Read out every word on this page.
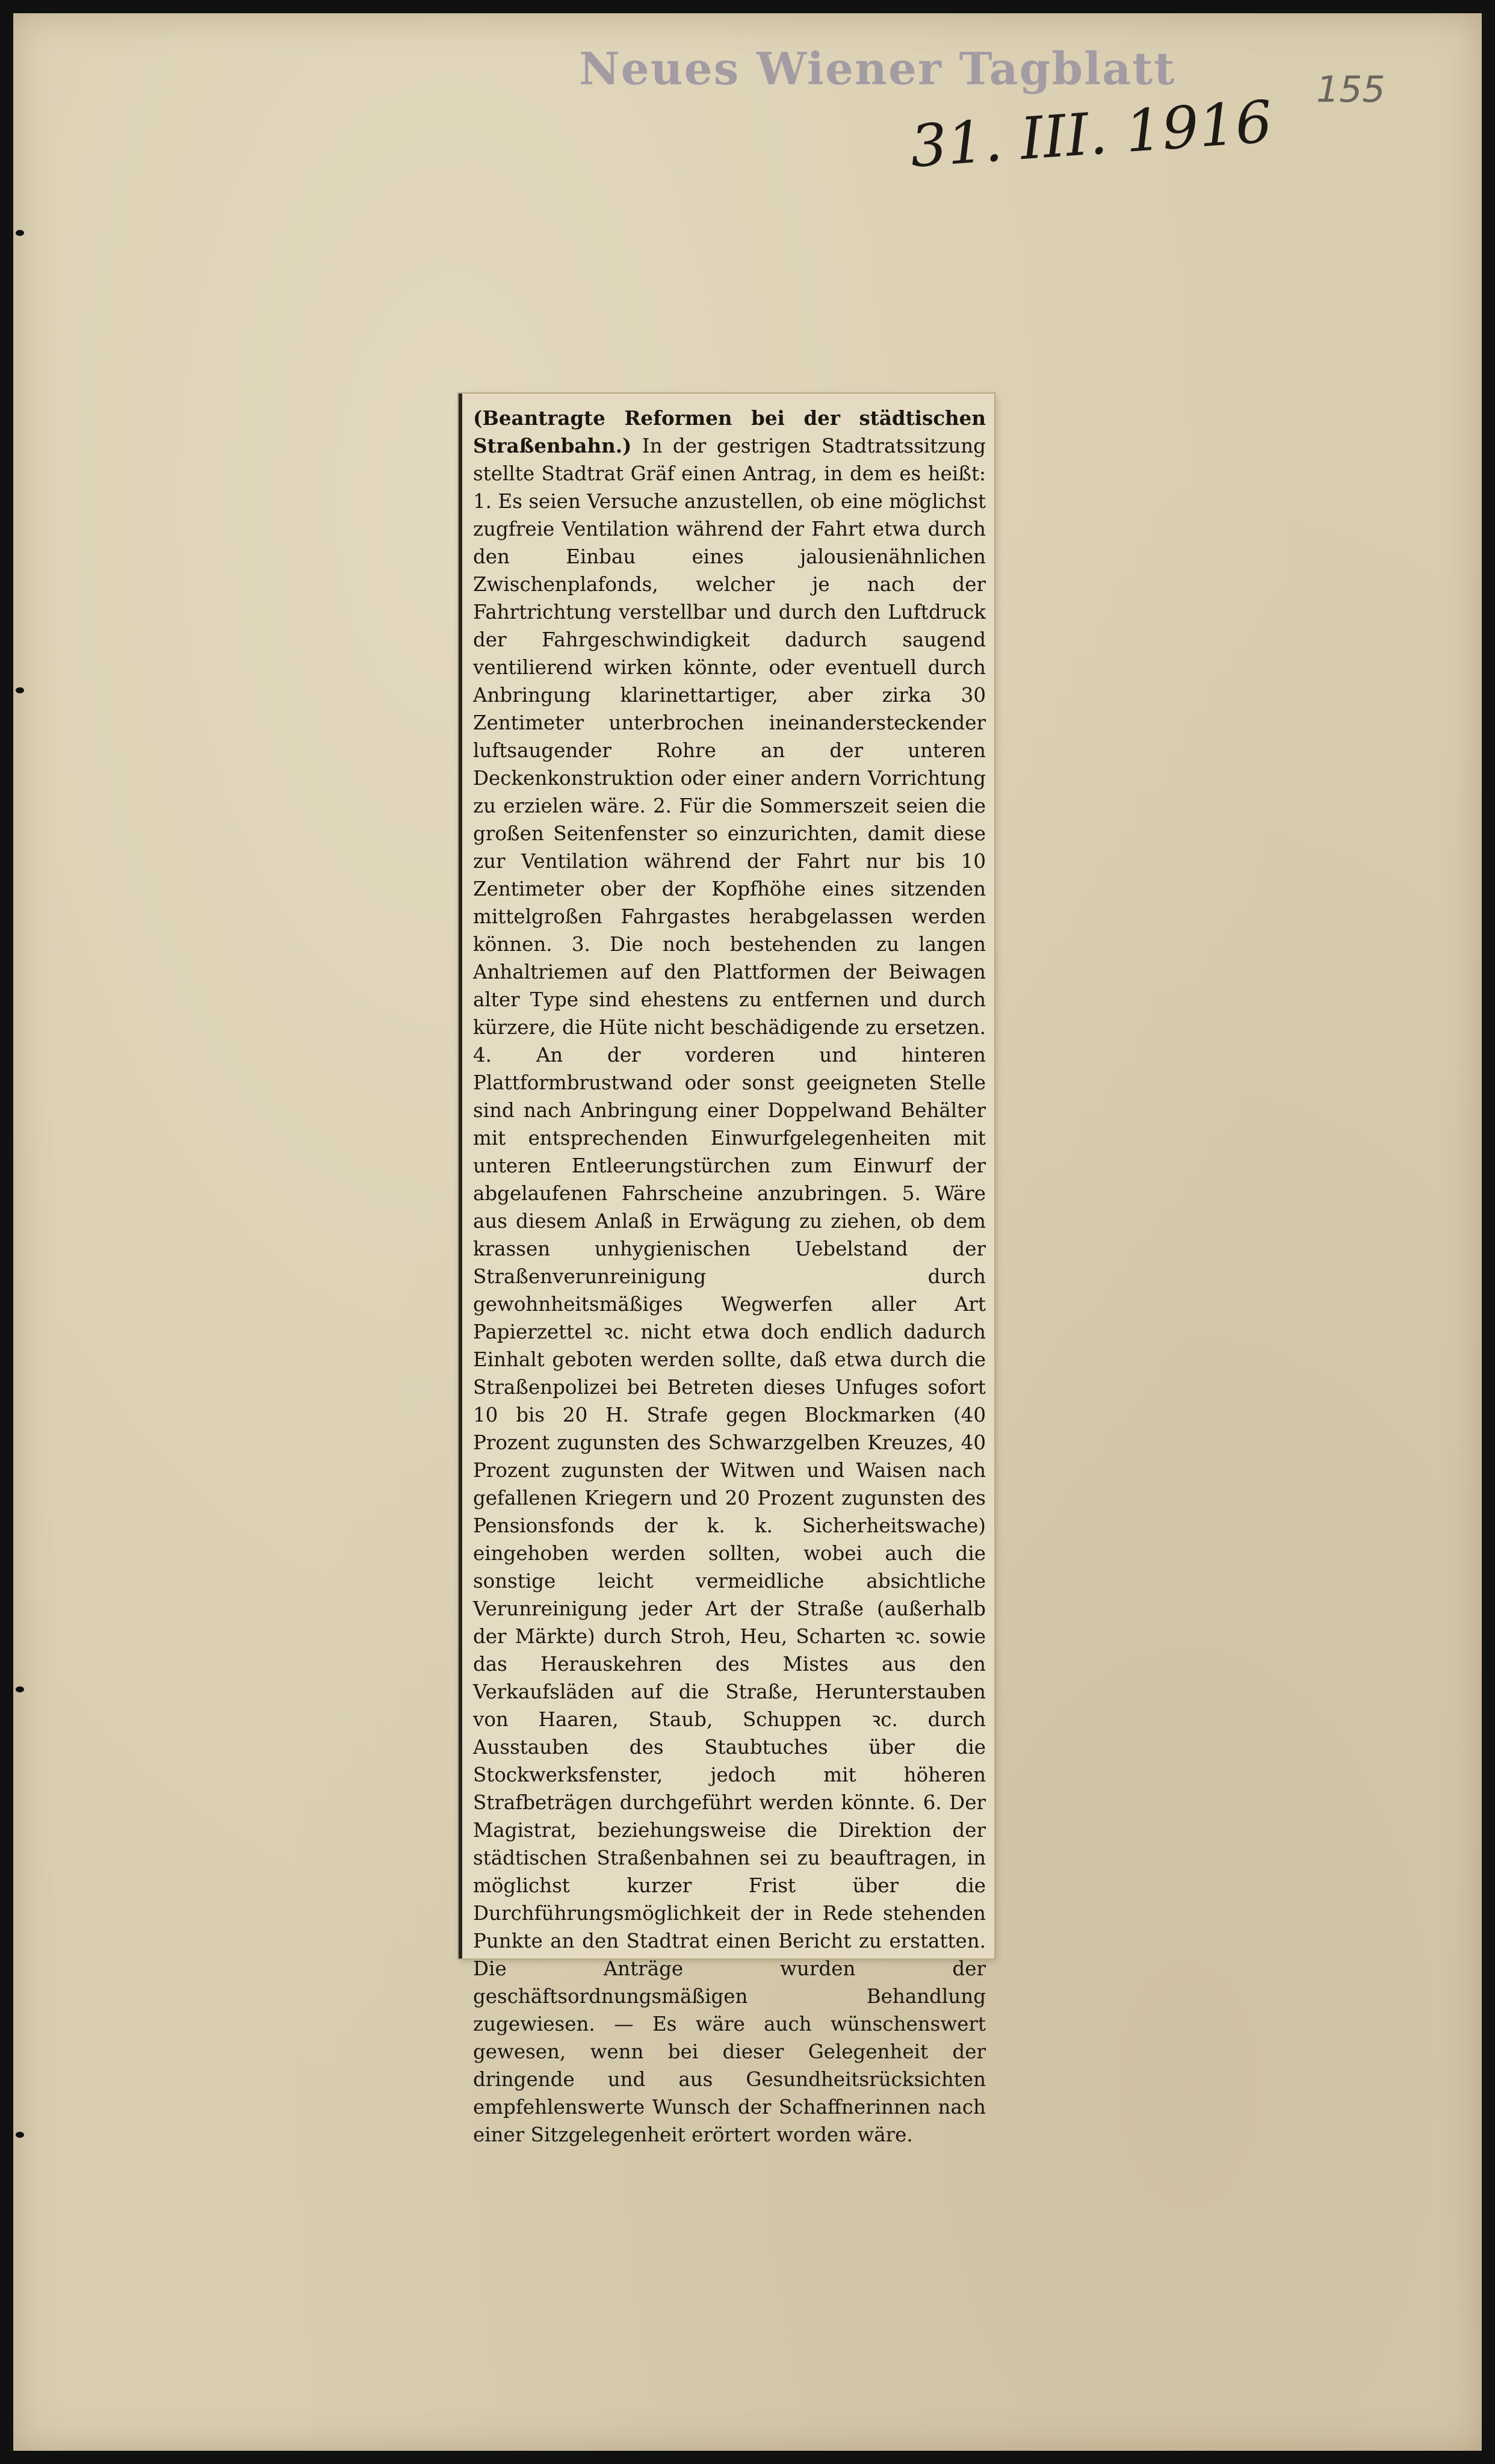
Neues Wiener Tagblatt
31. III. 1916 155
(Beantragte Reformen bei der städtischen Straßenbahn.) In der gestrigen Stadtratssitzung stellte Stadtrat Gräf einen Antrag, in dem es heißt: 1. Es seien Versuche anzustellen, ob eine möglichst zugfreie Ventilation während der Fahrt etwa durch den Einbau eines jalousienähnlichen Zwischenplafonds, welcher je nach der Fahrtrichtung verstellbar und durch den Luftdruck der Fahrgeschwindigkeit dadurch saugend ventilierend wirken könnte, oder eventuell durch Anbringung klarinettartiger, aber zirka 30 Zentimeter unterbrochen ineinandersteckender luftsaugender Rohre an der unteren Deckenkonstruktion oder einer andern Vorrichtung zu erzielen wäre. 2. Für die Sommerszeit seien die großen Seitenfenster so einzurichten, damit diese zur Ventilation während der Fahrt nur bis 10 Zentimeter ober der Kopfhöhe eines sitzenden mittelgroßen Fahrgastes herabgelassen werden können. 3. Die noch bestehenden zu langen Anhaltriemen auf den Plattformen der Beiwagen alter Type sind ehestens zu entfernen und durch kürzere, die Hüte nicht beschädigende zu ersetzen. 4. An der vorderen und hinteren Plattformbrustwand oder sonst geeigneten Stelle sind nach Anbringung einer Doppelwand Behälter mit entsprechenden Einwurfgelegenheiten mit unteren Entleerungstürchen zum Einwurf der abgelaufenen Fahrscheine anzubringen. 5. Wäre aus diesem Anlaß in Erwägung zu ziehen, ob dem krassen unhygienischen Uebelstand der Straßenverunreinigung durch gewohnheitsmäßiges Wegwerfen aller Art Papierzettel ꝛc. nicht etwa doch endlich dadurch Einhalt geboten werden sollte, daß etwa durch die Straßenpolizei bei Betreten dieses Unfuges sofort 10 bis 20 H. Strafe gegen Blockmarken (40 Prozent zugunsten des Schwarzgelben Kreuzes, 40 Prozent zugunsten der Witwen und Waisen nach gefallenen Kriegern und 20 Prozent zugunsten des Pensionsfonds der k. k. Sicherheitswache) eingehoben werden sollten, wobei auch die sonstige leicht vermeidliche absichtliche Verunreinigung jeder Art der Straße (außerhalb der Märkte) durch Stroh, Heu, Scharten ꝛc. sowie das Herauskehren des Mistes aus den Verkaufsläden auf die Straße, Herunterstauben von Haaren, Staub, Schuppen ꝛc. durch Ausstauben des Staubtuches über die Stockwerksfenster, jedoch mit höheren Strafbeträgen durchgeführt werden könnte. 6. Der Magistrat, beziehungsweise die Direktion der städtischen Straßenbahnen sei zu beauftragen, in möglichst kurzer Frist über die Durchführungsmöglichkeit der in Rede stehenden Punkte an den Stadtrat einen Bericht zu erstatten. Die Anträge wurden der geschäftsordnungsmäßigen Behandlung zugewiesen. — Es wäre auch wünschenswert gewesen, wenn bei dieser Gelegenheit der dringende und aus Gesundheitsrücksichten empfehlenswerte Wunsch der Schaffnerinnen nach einer Sitzgelegenheit erörtert worden wäre.
